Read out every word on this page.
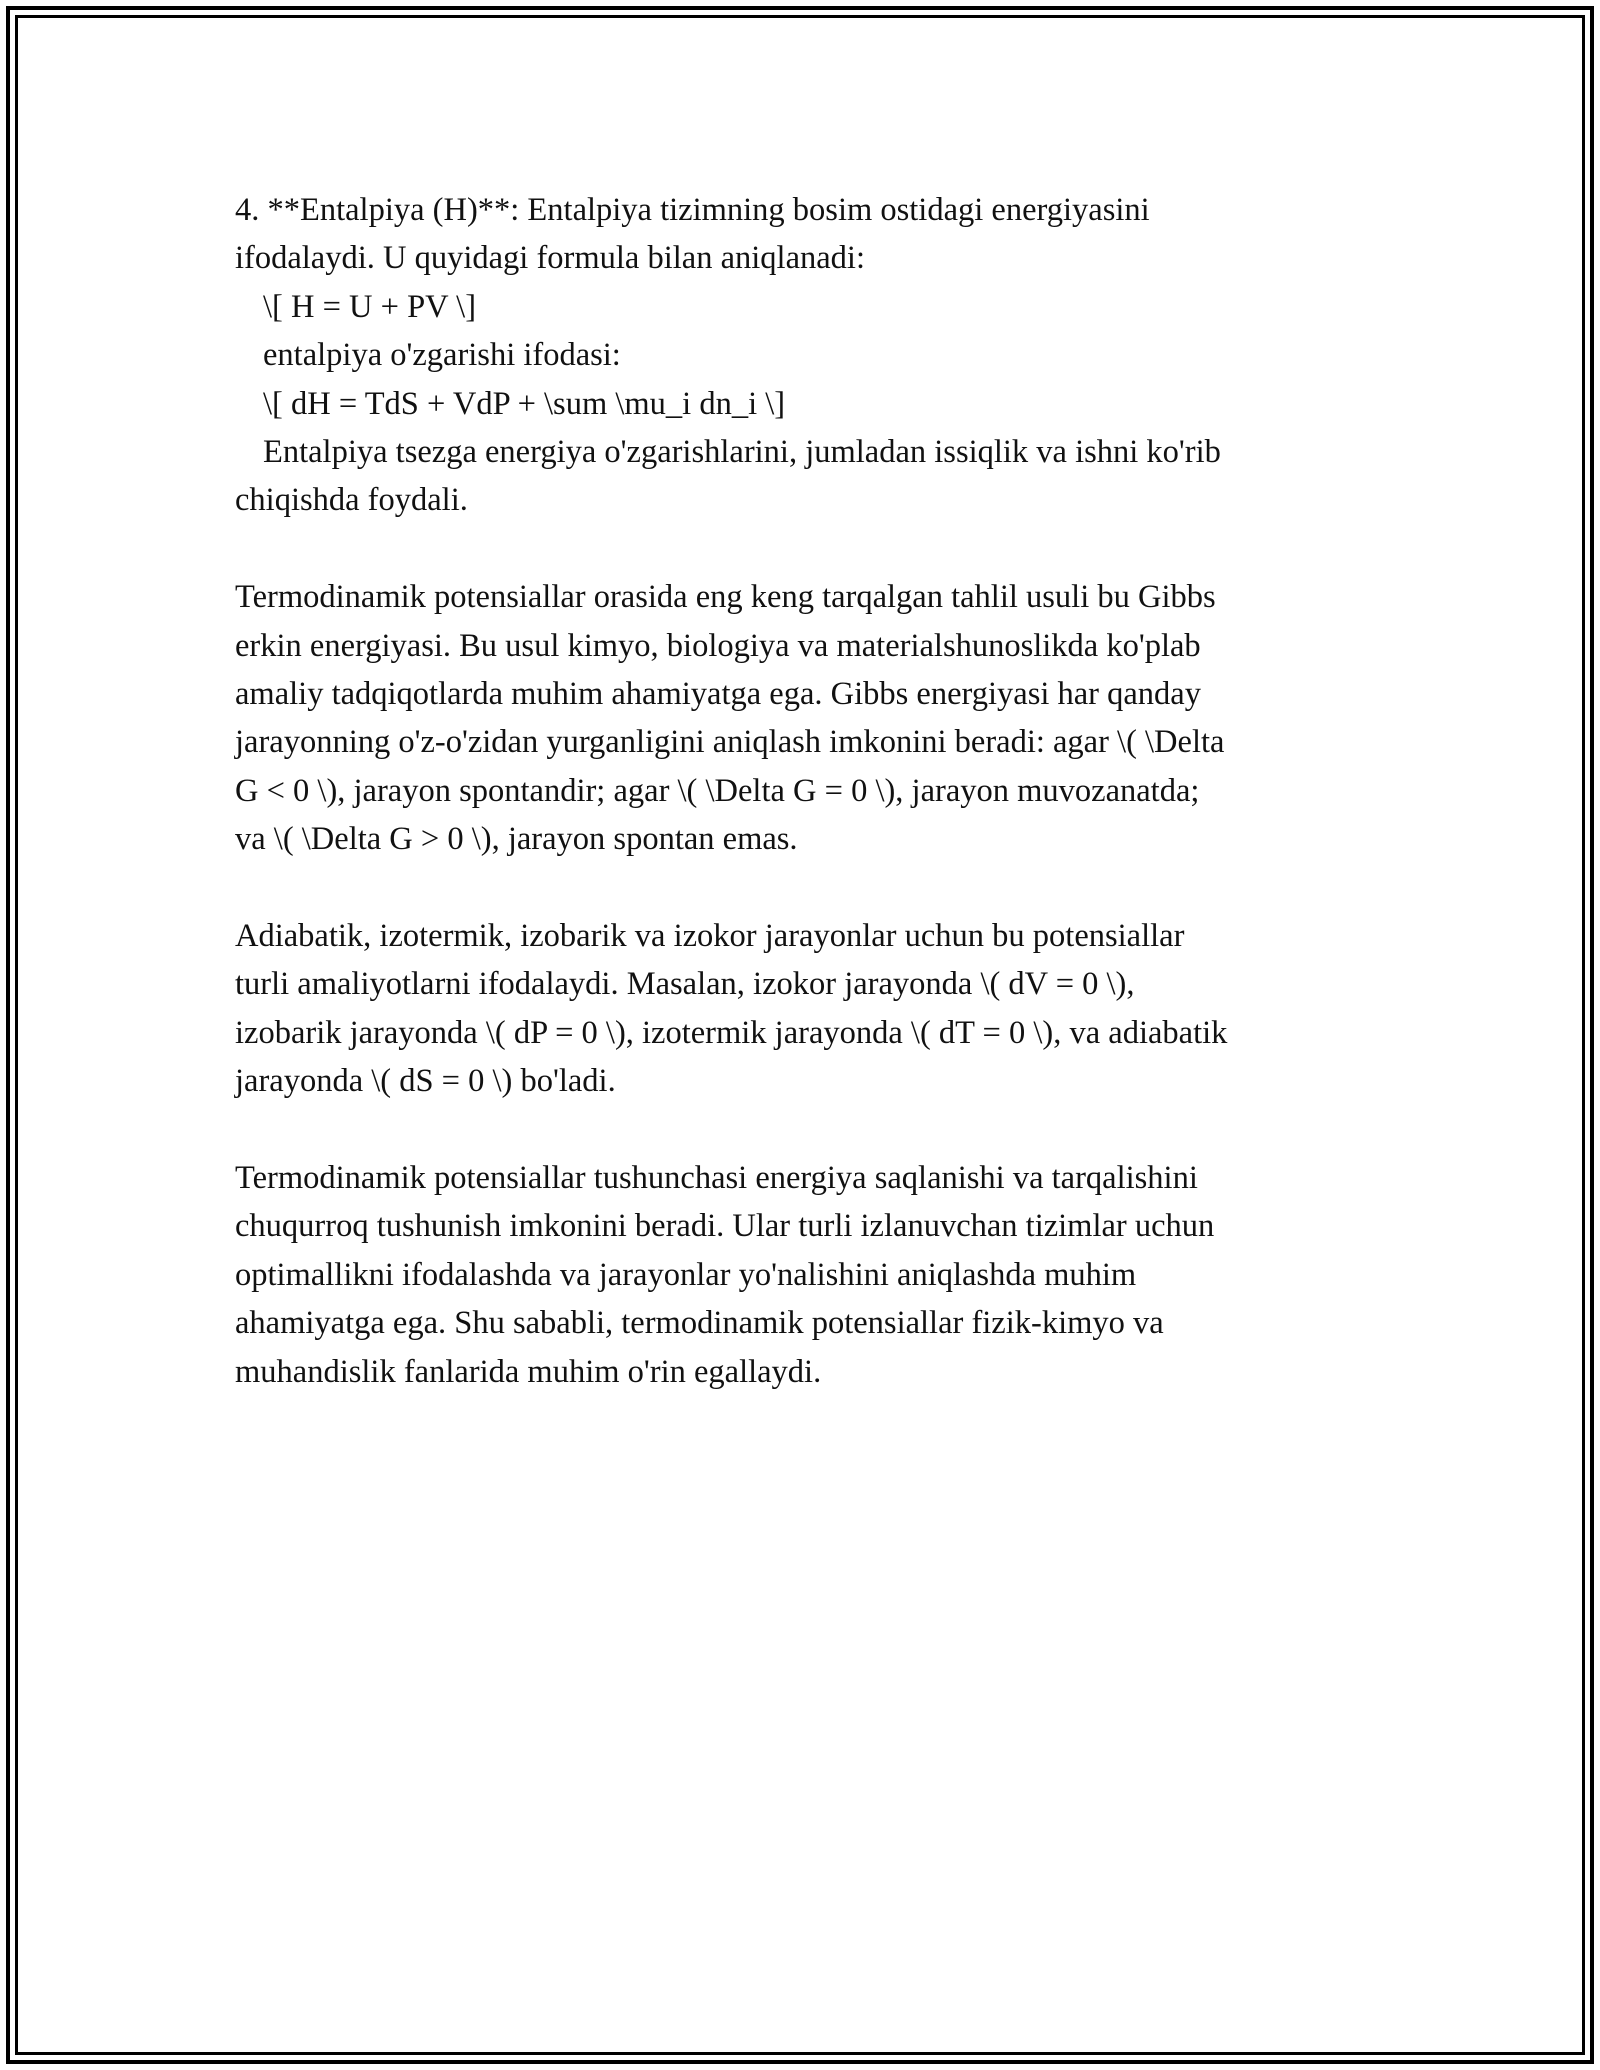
4. **Entalpiya (H)**: Entalpiya tizimning bosim ostidagi energiyasini
ifodalaydi. U quyidagi formula bilan aniqlanadi:
\[ H = U + PV \]
entalpiya o'zgarishi ifodasi:
\[ dH = TdS + VdP + \sum \mu_i dn_i \]
Entalpiya tsezga energiya o'zgarishlarini, jumladan issiqlik va ishni ko'rib
chiqishda foydali.
Termodinamik potensiallar orasida eng keng tarqalgan tahlil usuli bu Gibbs
erkin energiyasi. Bu usul kimyo, biologiya va materialshunoslikda ko'plab
amaliy tadqiqotlarda muhim ahamiyatga ega. Gibbs energiyasi har qanday
jarayonning o'z-o'zidan yurganligini aniqlash imkonini beradi: agar \( \Delta
G < 0 \), jarayon spontandir; agar \( \Delta G = 0 \), jarayon muvozanatda;
va \( \Delta G > 0 \), jarayon spontan emas.
Adiabatik, izotermik, izobarik va izokor jarayonlar uchun bu potensiallar
turli amaliyotlarni ifodalaydi. Masalan, izokor jarayonda \( dV = 0 \),
izobarik jarayonda \( dP = 0 \), izotermik jarayonda \( dT = 0 \), va adiabatik
jarayonda \( dS = 0 \) bo'ladi.
Termodinamik potensiallar tushunchasi energiya saqlanishi va tarqalishini
chuqurroq tushunish imkonini beradi. Ular turli izlanuvchan tizimlar uchun
optimallikni ifodalashda va jarayonlar yo'nalishini aniqlashda muhim
ahamiyatga ega. Shu sababli, termodinamik potensiallar fizik-kimyo va
muhandislik fanlarida muhim o'rin egallaydi.
